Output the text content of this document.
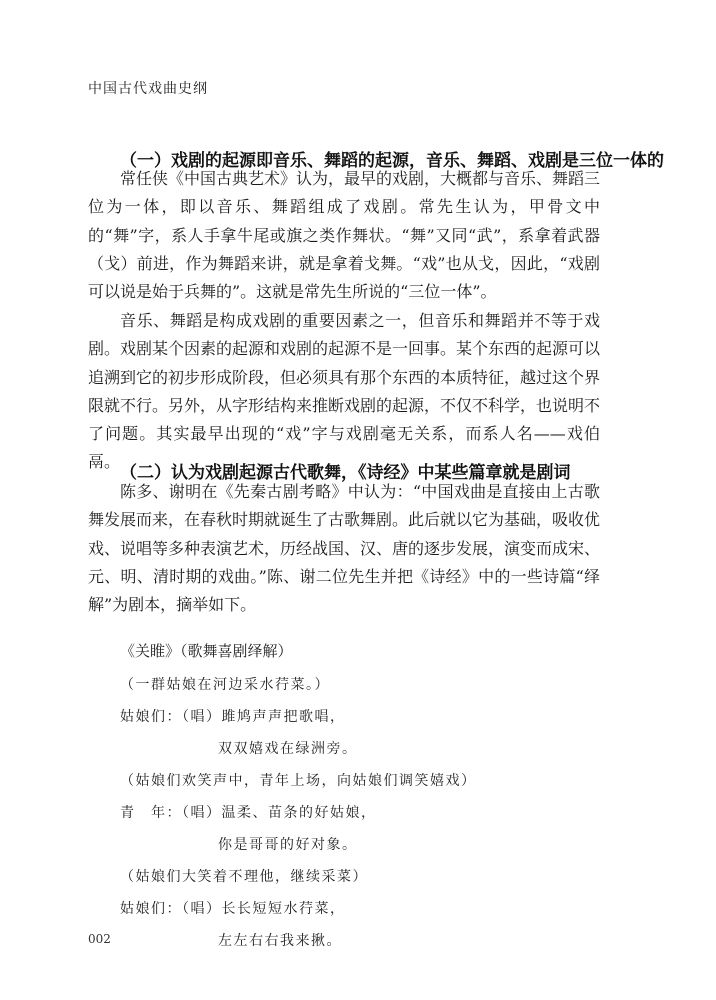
中国古代戏曲史纲
（一）戏剧的起源即音乐、舞蹈的起源，音乐、舞蹈、戏剧是三位一体的

常任侠《中国古典艺术》认为，最早的戏剧，大概都与音乐、舞蹈三位为一体，即以音乐、舞蹈组成了戏剧。常先生认为，甲骨文中的“舞”字，系人手拿牛尾或旗之类作舞状。“舞”又同“武”，系拿着武器（戈）前进，作为舞蹈来讲，就是拿着戈舞。“戏”也从戈，因此，“戏剧可以说是始于兵舞的”。这就是常先生所说的“三位一体”。

音乐、舞蹈是构成戏剧的重要因素之一，但音乐和舞蹈并不等于戏剧。戏剧某个因素的起源和戏剧的起源不是一回事。某个东西的起源可以追溯到它的初步形成阶段，但必须具有那个东西的本质特征，越过这个界限就不行。另外，从字形结构来推断戏剧的起源，不仅不科学，也说明不了问题。其实最早出现的“戏”字与戏剧毫无关系，而系人名——戏伯鬲。

（二）认为戏剧起源古代歌舞，《诗经》中某些篇章就是剧词

陈多、谢明在《先秦古剧考略》中认为：“中国戏曲是直接由上古歌舞发展而来，在春秋时期就诞生了古歌舞剧。此后就以它为基础，吸收优戏、说唱等多种表演艺术，历经战国、汉、唐的逐步发展，演变而成宋、元、明、清时期的戏曲。”陈、谢二位先生并把《诗经》中的一些诗篇“绎解”为剧本，摘举如下。

《关睢》（歌舞喜剧绎解）
（一群姑娘在河边采水荇菜。）
姑娘们：（唱）雎鸠声声把歌唱，
双双嬉戏在绿洲旁。
（姑娘们欢笑声中，青年上场，向姑娘们调笑嬉戏）
青　年：（唱）温柔、苗条的好姑娘，
你是哥哥的好对象。
（姑娘们大笑着不理他，继续采菜）
姑娘们：（唱）长长短短水荇菜，
左左右右我来揪。
002
